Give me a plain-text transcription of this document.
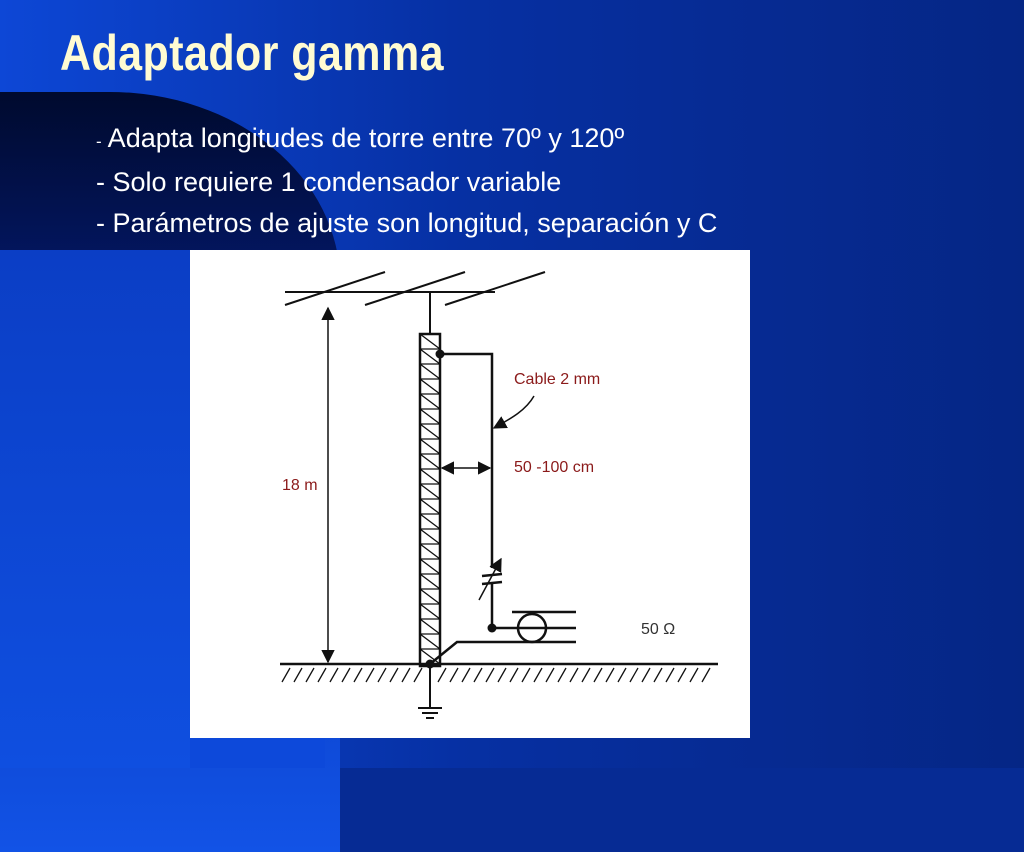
Adaptador gamma
- Adapta longitudes de torre entre 70º y 120º
- Solo requiere 1 condensador variable
- Parámetros de ajuste son longitud, separación y C
18 m
Cable 2 mm
50 -100 cm
50 Ω
